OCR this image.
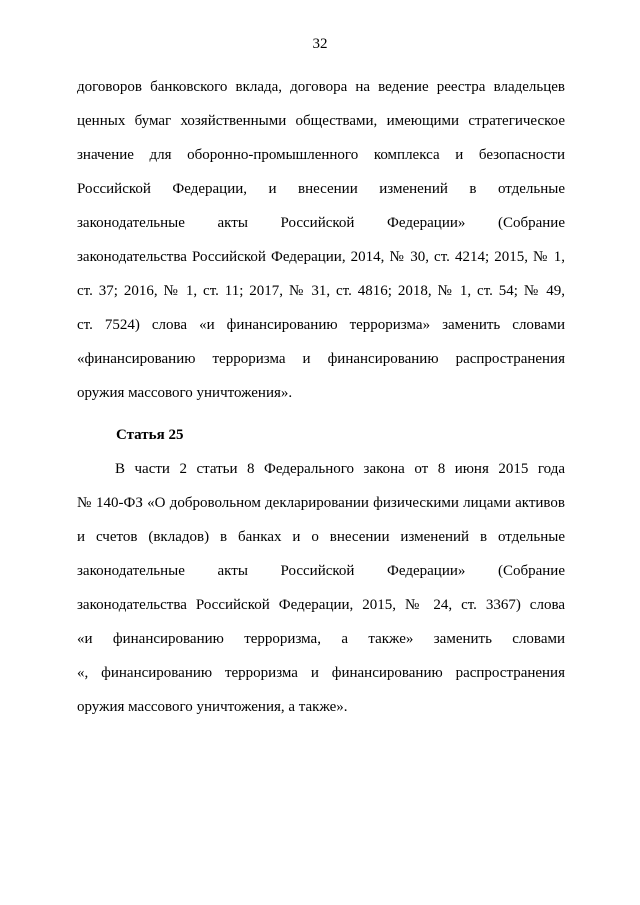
32
договоров банковского вклада, договора на ведение реестра владельцев
ценных бумаг хозяйственными обществами, имеющими стратегическое
значение для оборонно-промышленного комплекса и безопасности
Российской Федерации, и внесении изменений в отдельные
законодательные акты Российской Федерации» (Собрание
законодательства Российской Федерации, 2014, № 30, ст. 4214; 2015, № 1,
ст. 37; 2016, № 1, ст. 11; 2017, № 31, ст. 4816; 2018, № 1, ст. 54; № 49,
ст. 7524) слова «и финансированию терроризма» заменить словами
«финансированию терроризма и финансированию распространения
оружия массового уничтожения».
Статья 25
В части 2 статьи 8 Федерального закона от 8 июня 2015 года
№ 140-ФЗ «О добровольном декларировании физическими лицами активов
и счетов (вкладов) в банках и о внесении изменений в отдельные
законодательные акты Российской Федерации» (Собрание
законодательства Российской Федерации, 2015, № 24, ст. 3367) слова
«и финансированию терроризма, а также» заменить словами
«, финансированию терроризма и финансированию распространения
оружия массового уничтожения, а также».
